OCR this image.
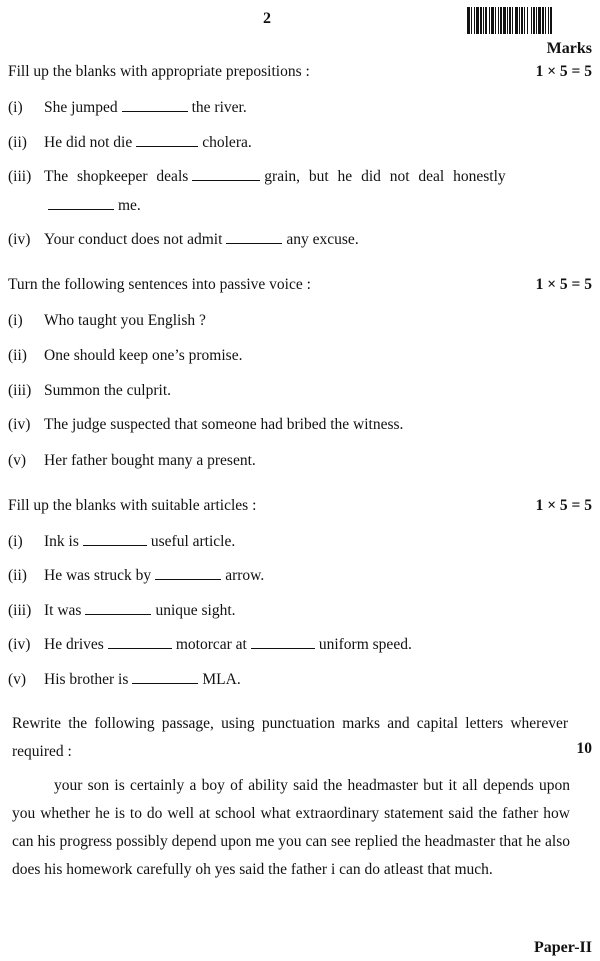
2
Marks
Fill up the blanks with appropriate prepositions :	1 × 5 = 5
(i) She jumped	the river.
(ii) He did not die	cholera.
(iii) The shopkeeper deals	grain, but he did not deal honestly
me.
(iv) Your conduct does not admit	any excuse.
Turn the following sentences into passive voice :	1 × 5 = 5
(i) Who taught you English ?
(ii) One should keep one’s promise.
(iii) Summon the culprit.
(iv) The judge suspected that someone had bribed the witness.
(v) Her father bought many a present.
Fill up the blanks with suitable articles :	1 × 5 = 5
(i) Ink is	useful article.
(ii) He was struck by	arrow.
(iii) It was	unique sight.
(iv) He drives	motorcar at	uniform speed.
(v) His brother is	MLA.
Rewrite the following passage, using punctuation marks and capital letters wherever required :	10
your son is certainly a boy of ability said the headmaster but it all depends upon you whether he is to do well at school what extraordinary statement said the father how can his progress possibly depend upon me you can see replied the headmaster that he also does his homework carefully oh yes said the father i can do atleast that much.
Paper-II
